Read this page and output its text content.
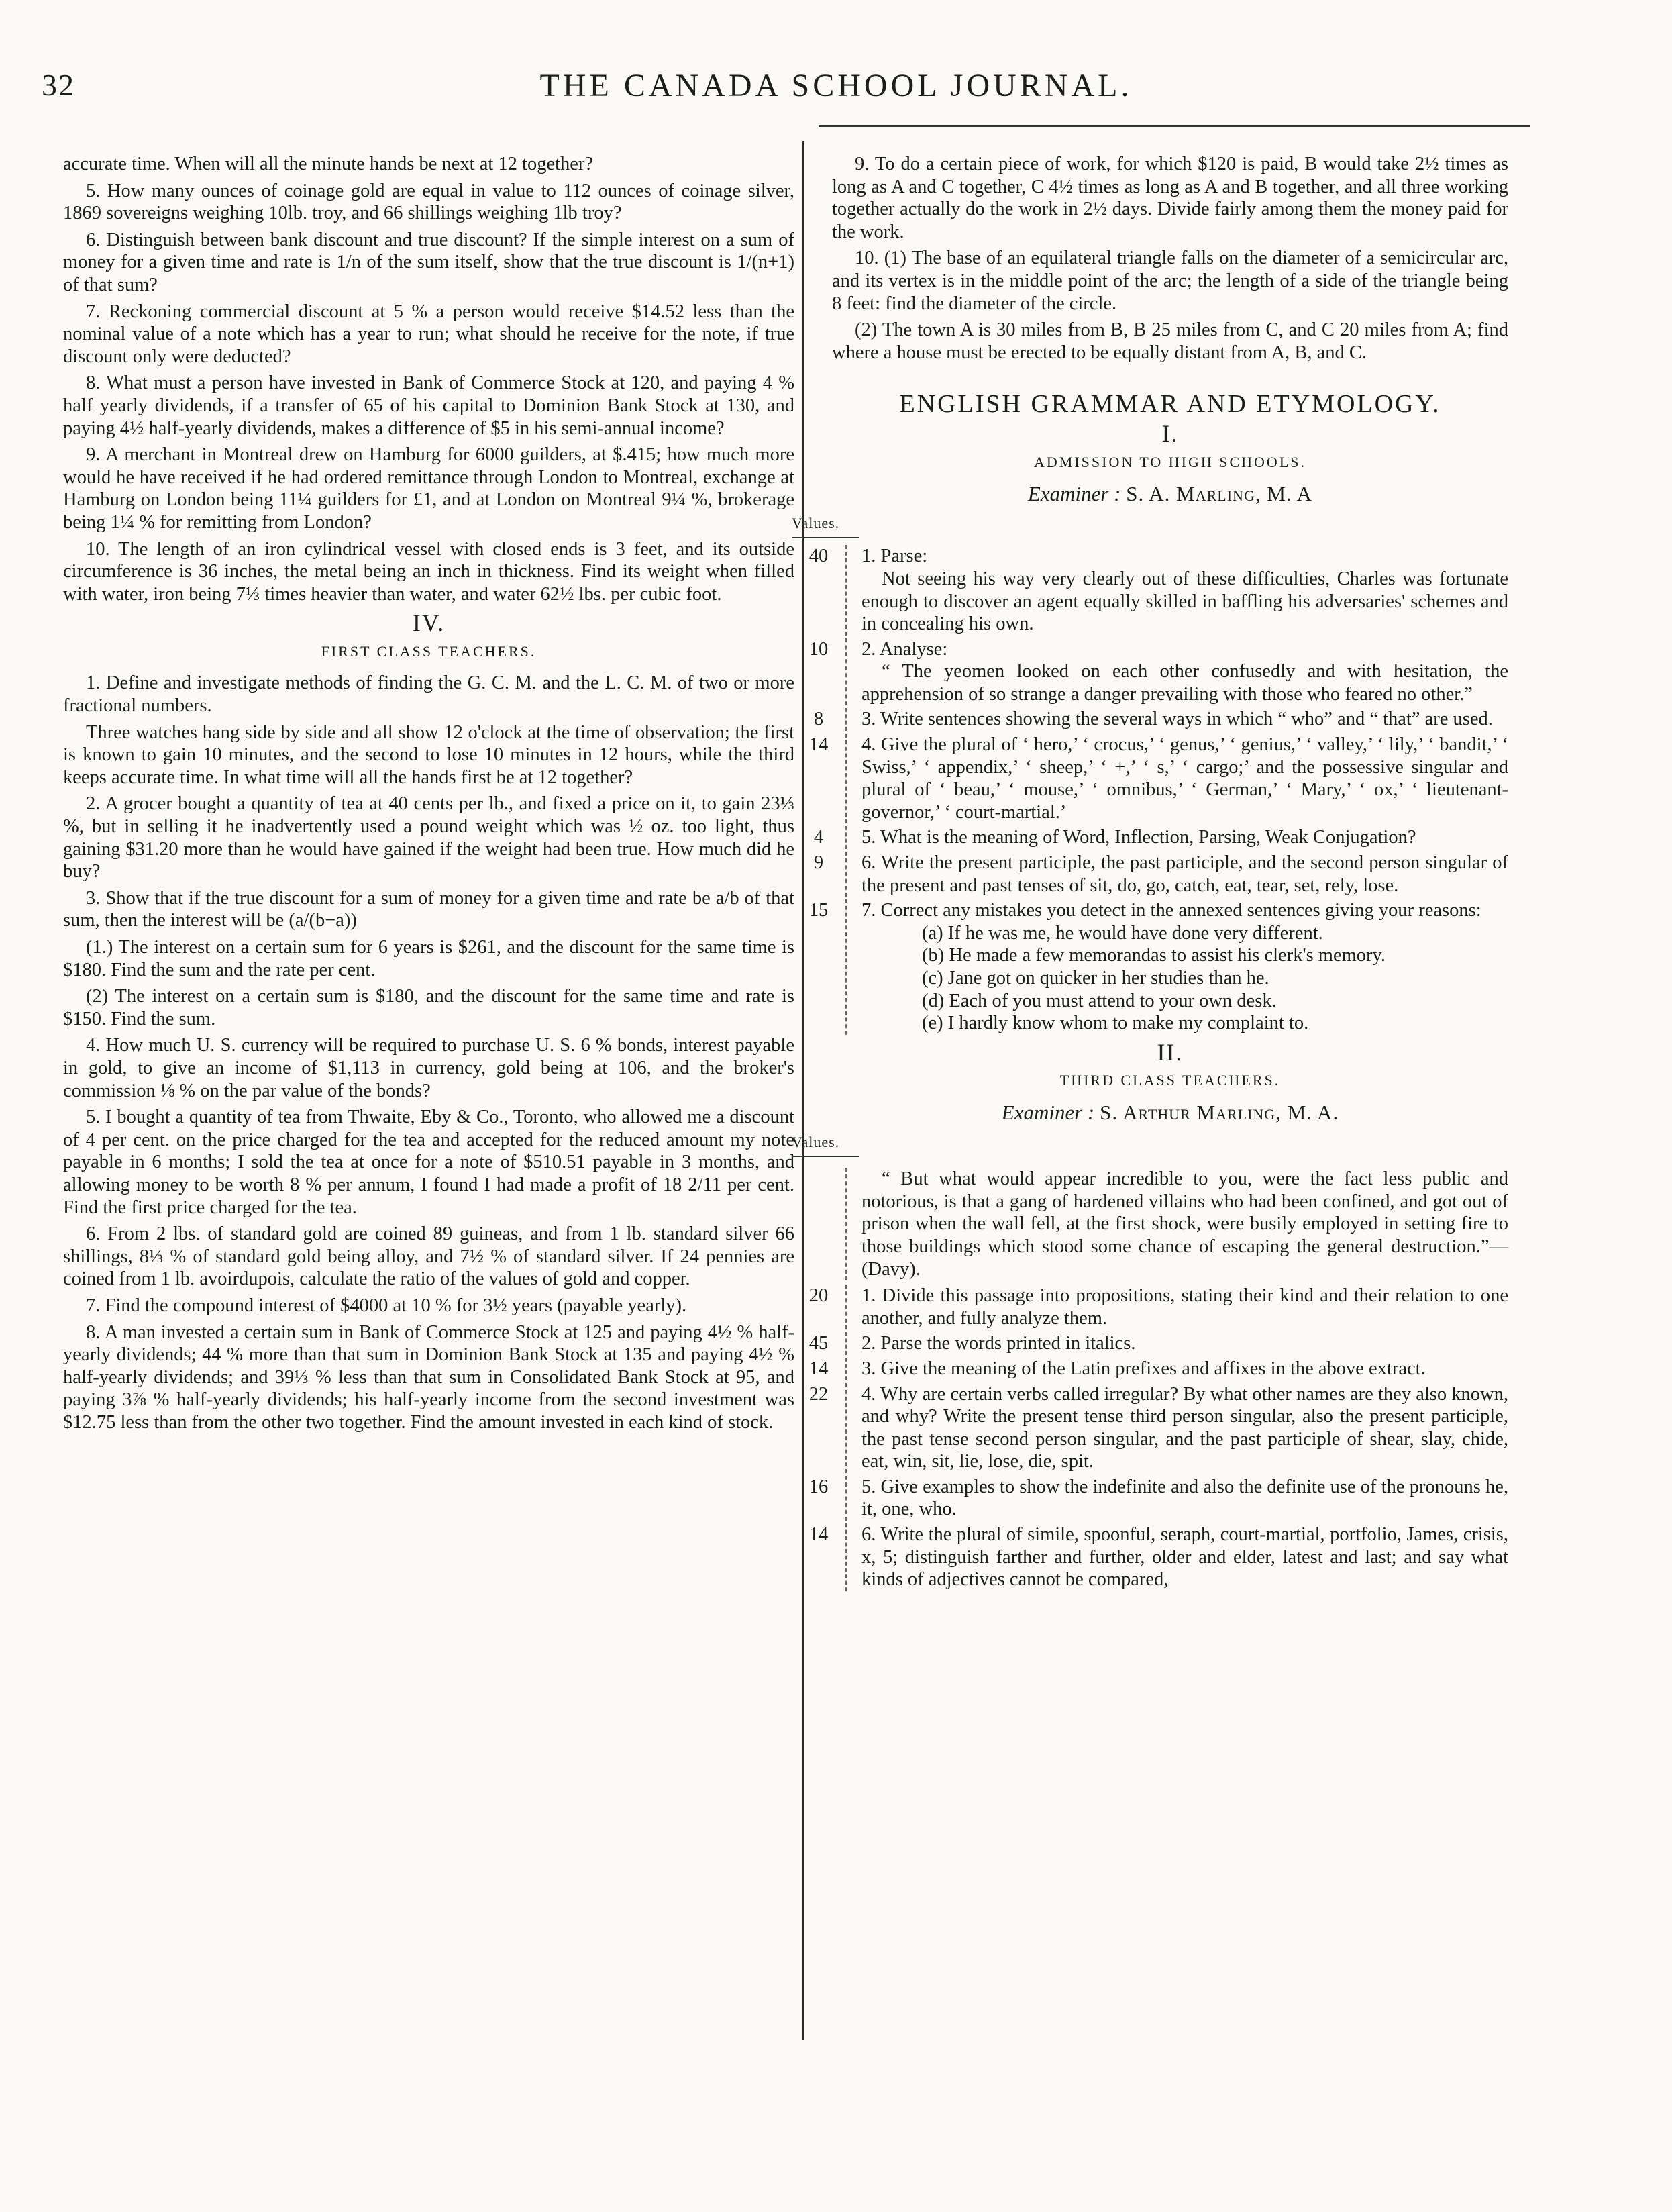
32	THE CANADA SCHOOL JOURNAL.

accurate time. When will all the minute hands be next at 12 together?

5. How many ounces of coinage gold are equal in value to 112 ounces of coinage silver, 1869 sovereigns weighing 10lb. troy, and 66 shillings weighing 1lb troy?

6. Distinguish between bank discount and true discount? If the simple interest on a sum of money for a given time and rate is 1/n of the sum itself, show that the true discount is 1/(n+1) of that sum?

7. Reckoning commercial discount at 5 % a person would receive $14.52 less than the nominal value of a note which has a year to run; what should he receive for the note, if true discount only were deducted?

8. What must a person have invested in Bank of Commerce Stock at 120, and paying 4 % half yearly dividends, if a transfer of 65 of his capital to Dominion Bank Stock at 130, and paying 4½ half-yearly dividends, makes a difference of $5 in his semi-annual income?

9. A merchant in Montreal drew on Hamburg for 6000 guilders, at $.415; how much more would he have received if he had ordered remittance through London to Montreal, exchange at Hamburg on London being 11¼ guilders for £1, and at London on Montreal 9¼ %, brokerage being 1¼ % for remitting from London?

10. The length of an iron cylindrical vessel with closed ends is 3 feet, and its outside circumference is 36 inches, the metal being an inch in thickness. Find its weight when filled with water, iron being 7⅓ times heavier than water, and water 62½ lbs. per cubic foot.

IV.
FIRST CLASS TEACHERS.

1. Define and investigate methods of finding the G. C. M. and the L. C. M. of two or more fractional numbers.

Three watches hang side by side and all show 12 o'clock at the time of observation; the first is known to gain 10 minutes, and the second to lose 10 minutes in 12 hours, while the third keeps accurate time. In what time will all the hands first be at 12 together?

2. A grocer bought a quantity of tea at 40 cents per lb., and fixed a price on it, to gain 23⅓ %, but in selling it he inadvertently used a pound weight which was ½ oz. too light, thus gaining $31.20 more than he would have gained if the weight had been true. How much did he buy?

3. Show that if the true discount for a sum of money for a given time and rate be a/b of that sum, then the interest will be (a/(b−a))

(1.) The interest on a certain sum for 6 years is $261, and the discount for the same time is $180. Find the sum and the rate per cent.

(2) The interest on a certain sum is $180, and the discount for the same time and rate is $150. Find the sum.

4. How much U. S. currency will be required to purchase U. S. 6 % bonds, interest payable in gold, to give an income of $1,113 in currency, gold being at 106, and the broker's commission ⅛ % on the par value of the bonds?

5. I bought a quantity of tea from Thwaite, Eby & Co., Toronto, who allowed me a discount of 4 per cent. on the price charged for the tea and accepted for the reduced amount my note payable in 6 months; I sold the tea at once for a note of $510.51 payable in 3 months, and allowing money to be worth 8 % per annum, I found I had made a profit of 18 2/11 per cent. Find the first price charged for the tea.

6. From 2 lbs. of standard gold are coined 89 guineas, and from 1 lb. standard silver 66 shillings, 8⅓ % of standard gold being alloy, and 7½ % of standard silver. If 24 pennies are coined from 1 lb. avoirdupois, calculate the ratio of the values of gold and copper.

7. Find the compound interest of $4000 at 10 % for 3½ years (payable yearly).

8. A man invested a certain sum in Bank of Commerce Stock at 125 and paying 4½ % half-yearly dividends; 44 % more than that sum in Dominion Bank Stock at 135 and paying 4½ % half-yearly dividends; and 39⅓ % less than that sum in Consolidated Bank Stock at 95, and paying 3⅞ % half-yearly dividends; his half-yearly income from the second investment was $12.75 less than from the other two together. Find the amount invested in each kind of stock.

9. To do a certain piece of work, for which $120 is paid, B would take 2½ times as long as A and C together, C 4½ times as long as A and B together, and all three working together actually do the work in 2½ days. Divide fairly among them the money paid for the work.

10. (1) The base of an equilateral triangle falls on the diameter of a semicircular arc, and its vertex is in the middle point of the arc; the length of a side of the triangle being 8 feet: find the diameter of the circle.

(2) The town A is 30 miles from B, B 25 miles from C, and C 20 miles from A; find where a house must be erected to be equally distant from A, B, and C.

ENGLISH GRAMMAR AND ETYMOLOGY.
I.
ADMISSION TO HIGH SCHOOLS.
Examiner : S. A. Marling, M. A
Values.
40	1. Parse:

Not seeing his way very clearly out of these difficulties, Charles was fortunate enough to discover an agent equally skilled in baffling his adversaries' schemes and in concealing his own.

10	2. Analyse:

“ The yeomen looked on each other confusedly and with hesitation, the apprehension of so strange a danger prevailing with those who feared no other.”

8	3. Write sentences showing the several ways in which “ who” and “ that” are used.

14	4. Give the plural of ‘ hero,’ ‘ crocus,’ ‘ genus,’ ‘ genius,’ ‘ valley,’ ‘ lily,’ ‘ bandit,’ ‘ Swiss,’ ‘ appendix,’ ‘ sheep,’ ‘ +,’ ‘ s,’ ‘ cargo;’ and the possessive singular and plural of ‘ beau,’ ‘ mouse,’ ‘ omnibus,’ ‘ German,’ ‘ Mary,’ ‘ ox,’ ‘ lieutenant-governor,’ ‘ court-martial.’

4	5. What is the meaning of Word, Inflection, Parsing, Weak Conjugation?

9	6. Write the present participle, the past participle, and the second person singular of the present and past tenses of sit, do, go, catch, eat, tear, set, rely, lose.

15	7. Correct any mistakes you detect in the annexed sentences giving your reasons:

(a) If he was me, he would have done very different.

(b) He made a few memorandas to assist his clerk's memory.

(c) Jane got on quicker in her studies than he.

(d) Each of you must attend to your own desk.

(e) I hardly know whom to make my complaint to.

II.
THIRD CLASS TEACHERS.
Examiner : S. Arthur Marling, M. A.
Values.

“ But what would appear incredible to you, were the fact less public and notorious, is that a gang of hardened villains who had been confined, and got out of prison when the wall fell, at the first shock, were busily employed in setting fire to those buildings which stood some chance of escaping the general destruction.”—(Davy).

20	1. Divide this passage into propositions, stating their kind and their relation to one another, and fully analyze them.

45	2. Parse the words printed in italics.

14	3. Give the meaning of the Latin prefixes and affixes in the above extract.

22	4. Why are certain verbs called irregular? By what other names are they also known, and why? Write the present tense third person singular, also the present participle, the past tense second person singular, and the past participle of shear, slay, chide, eat, win, sit, lie, lose, die, spit.

16	5. Give examples to show the indefinite and also the definite use of the pronouns he, it, one, who.

14	6. Write the plural of simile, spoonful, seraph, court-martial, portfolio, James, crisis, x, 5; distinguish farther and further, older and elder, latest and last; and say what kinds of adjectives cannot be compared,
